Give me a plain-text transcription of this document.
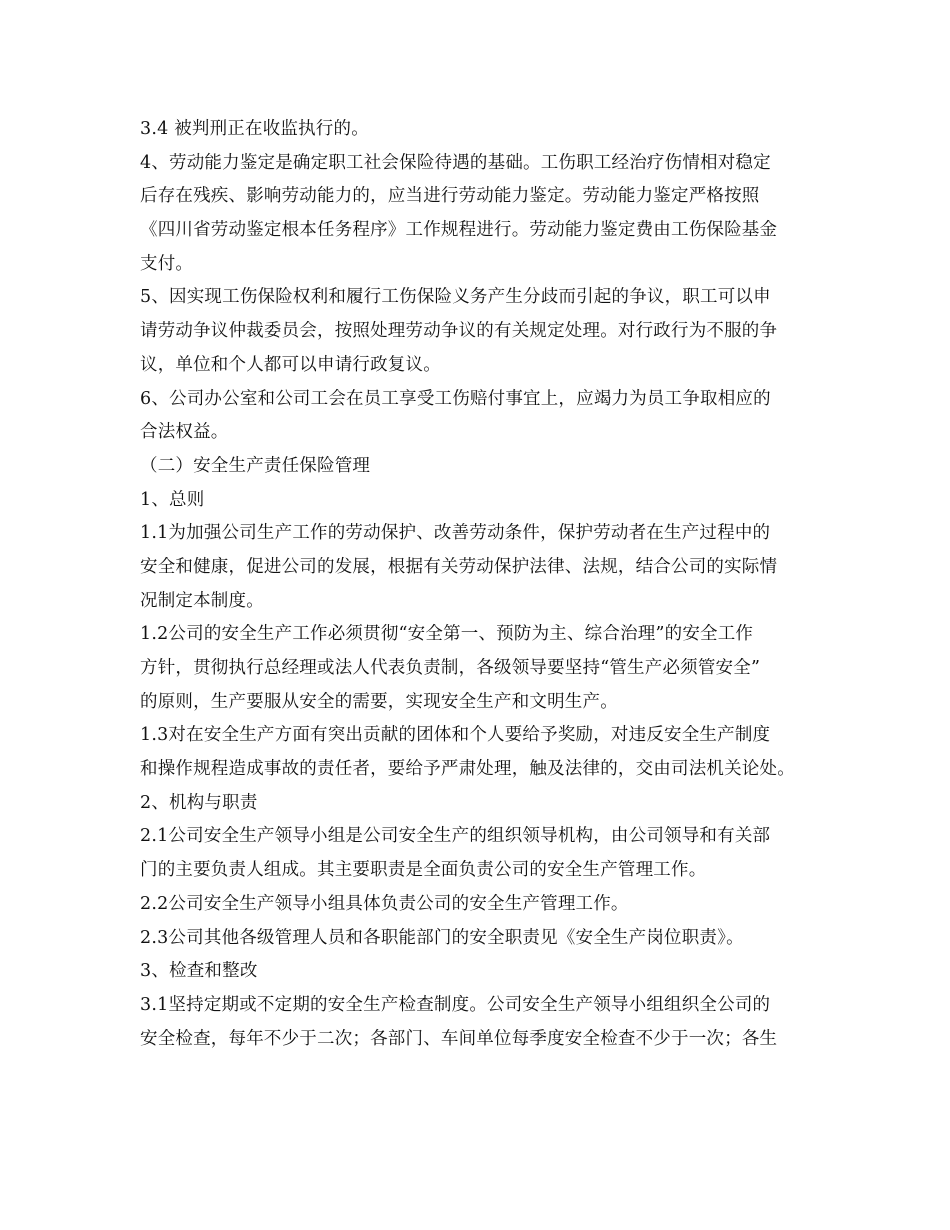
3.4 被判刑正在收监执行的。
4、劳动能力鉴定是确定职工社会保险待遇的基础。工伤职工经治疗伤情相对稳定
后存在残疾、影响劳动能力的，应当进行劳动能力鉴定。劳动能力鉴定严格按照
《四川省劳动鉴定根本任务程序》工作规程进行。劳动能力鉴定费由工伤保险基金
支付。
5、因实现工伤保险权利和履行工伤保险义务产生分歧而引起的争议，职工可以申
请劳动争议仲裁委员会，按照处理劳动争议的有关规定处理。对行政行为不服的争
议，单位和个人都可以申请行政复议。
6、公司办公室和公司工会在员工享受工伤赔付事宜上，应竭力为员工争取相应的
合法权益。
（二）安全生产责任保险管理
1、总则
1.1为加强公司生产工作的劳动保护、改善劳动条件，保护劳动者在生产过程中的
安全和健康，促进公司的发展，根据有关劳动保护法律、法规，结合公司的实际情
况制定本制度。
1.2公司的安全生产工作必须贯彻“安全第一、预防为主、综合治理”的安全工作
方针，贯彻执行总经理或法人代表负责制，各级领导要坚持“管生产必须管安全”
的原则，生产要服从安全的需要，实现安全生产和文明生产。
1.3对在安全生产方面有突出贡献的团体和个人要给予奖励，对违反安全生产制度
和操作规程造成事故的责任者，要给予严肃处理，触及法律的，交由司法机关论处。
2、机构与职责
2.1公司安全生产领导小组是公司安全生产的组织领导机构，由公司领导和有关部
门的主要负责人组成。其主要职责是全面负责公司的安全生产管理工作。
2.2公司安全生产领导小组具体负责公司的安全生产管理工作。
2.3公司其他各级管理人员和各职能部门的安全职责见《安全生产岗位职责》。
3、检查和整改
3.1坚持定期或不定期的安全生产检查制度。公司安全生产领导小组组织全公司的
安全检查，每年不少于二次；各部门、车间单位每季度安全检查不少于一次；各生
